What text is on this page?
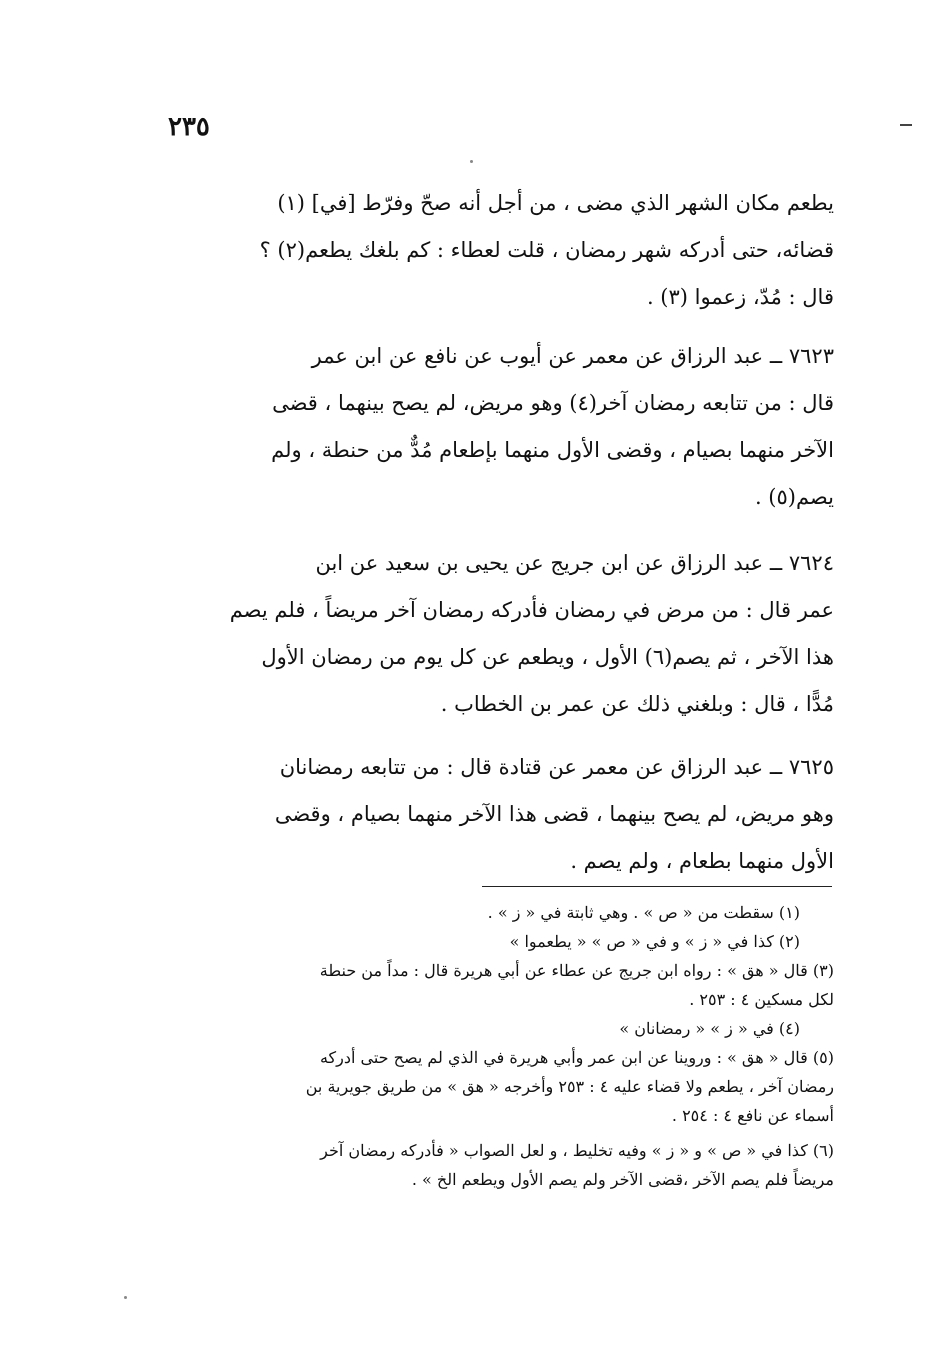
٢٣٥
يطعم مكان الشهر الذي مضى ، من أجل أنه صحّ وفرّط [في] (١)
قضائه، حتى أدركه شهر رمضان ، قلت لعطاء : كم بلغك يطعم(٢) ؟
قال : مُدّ، زعموا (٣) .
٧٦٢٣ ــ عبد الرزاق عن معمر عن أيوب عن نافع عن ابن عمر
قال : من تتابعه رمضان آخر(٤) وهو مريض، لم يصح بينهما ، قضى
الآخر منهما بصيام ، وقضى الأول منهما بإطعام مُدٌّ من حنطة ، ولم
يصم(٥) .
٧٦٢٤ ــ عبد الرزاق عن ابن جريج عن يحيى بن سعيد عن ابن
عمر قال : من مرض في رمضان فأدركه رمضان آخر مريضاً ، فلم يصم
هذا الآخر ، ثم يصم(٦) الأول ، ويطعم عن كل يوم من رمضان الأول
مُدًّا ، قال : وبلغني ذلك عن عمر بن الخطاب .
٧٦٢٥ ــ عبد الرزاق عن معمر عن قتادة قال : من تتابعه رمضانان
وهو مريض، لم يصح بينهما ، قضى هذا الآخر منهما بصيام ، وقضى
الأول منهما بطعام ، ولم يصم .
(١) سقطت من « ص » . وهي ثابتة في « ز » .
(٢) كذا في « ز » و في « ص » « يطعموا »
(٣) قال « هق » : رواه ابن جريج عن عطاء عن أبي هريرة قال : مداً من حنطة
لكل مسكين ٤ : ٢٥٣ .
(٤) في « ز » « رمضانان »
(٥) قال « هق » : وروينا عن ابن عمر وأبي هريرة في الذي لم يصح حتى أدركه
رمضان آخر ، يطعم ولا قضاء عليه ٤ : ٢٥٣ وأخرجه « هق » من طريق جويرية بن
أسماء عن نافع ٤ : ٢٥٤ .
(٦) كذا في « ص » و « ز » وفيه تخليط ، و لعل الصواب « فأدركه رمضان آخر
مريضاً فلم يصم الآخر ،قضى الآخر ولم يصم الأول ويطعم الخ » .
